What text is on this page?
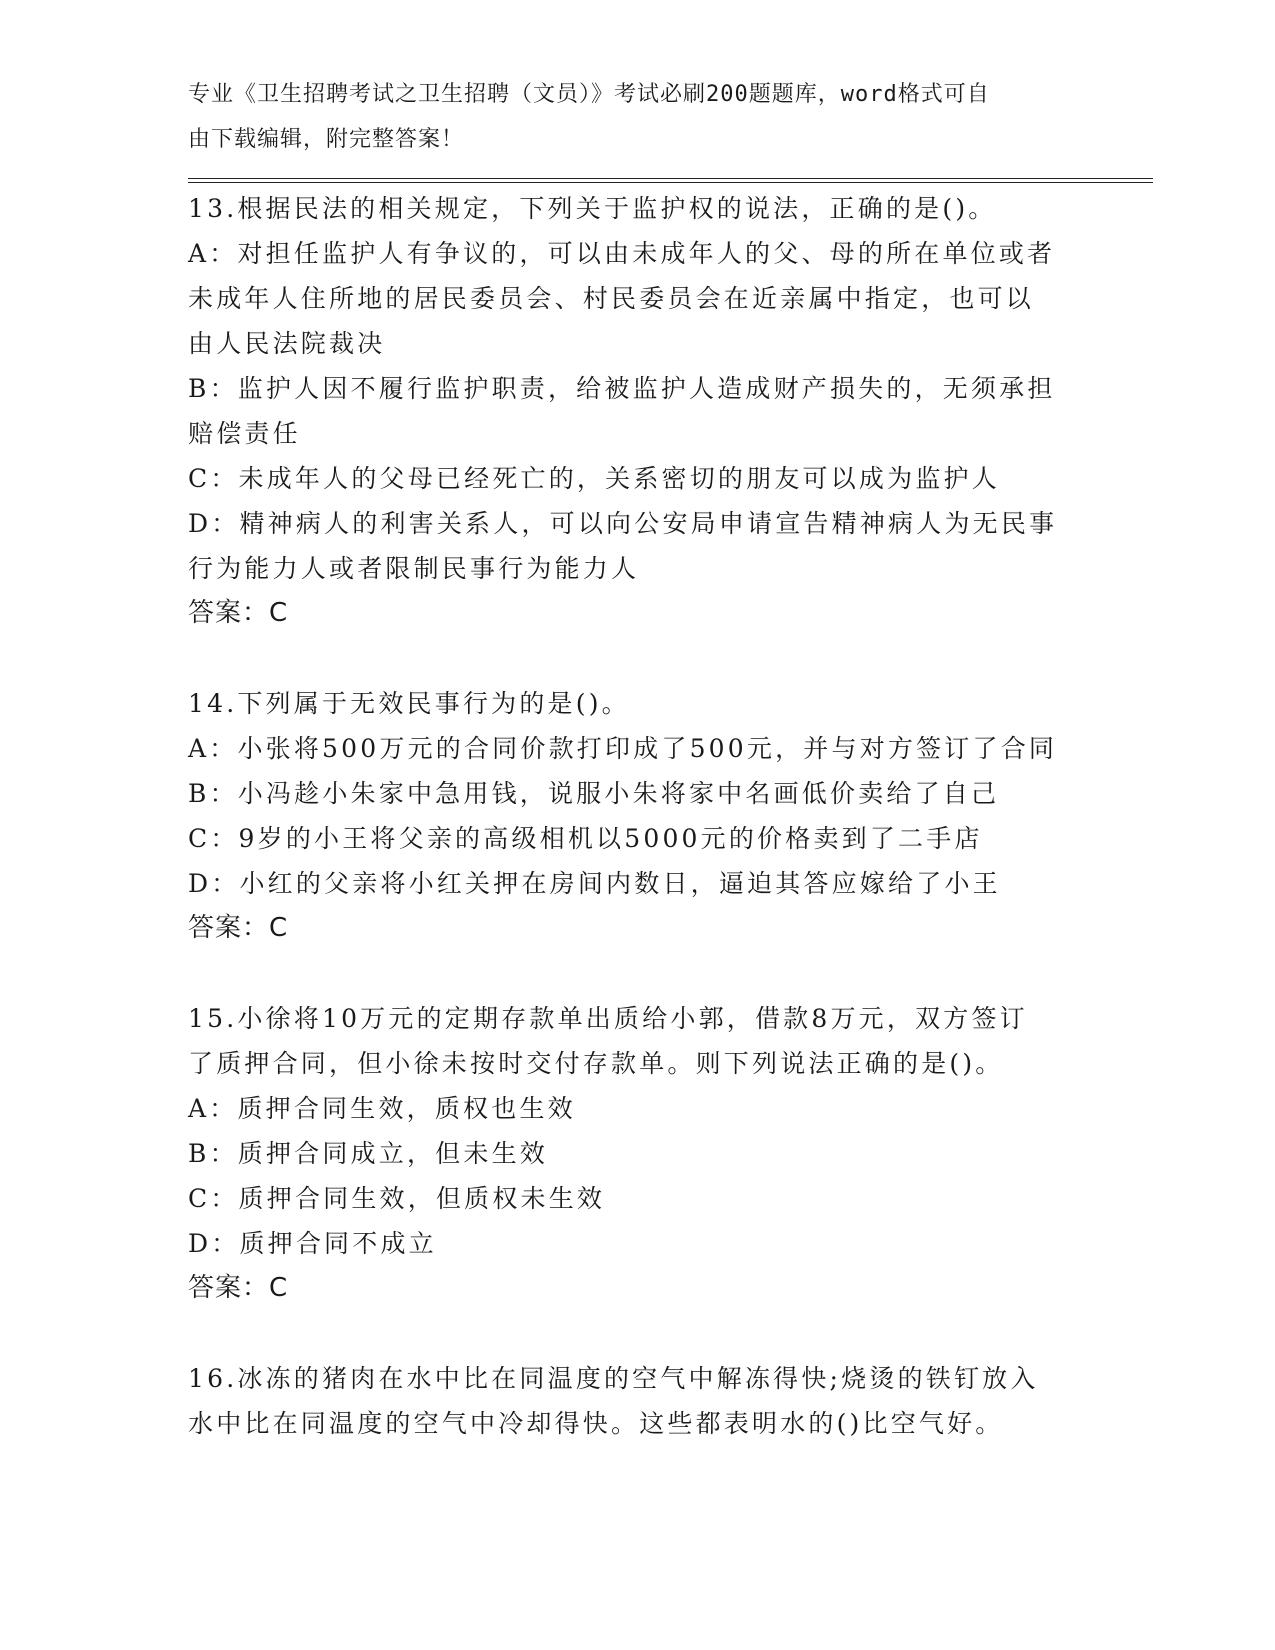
专业《卫生招聘考试之卫生招聘（文员）》考试必刷200题题库，word格式可自
由下载编辑，附完整答案！
13.根据民法的相关规定，下列关于监护权的说法，正确的是()。
A：对担任监护人有争议的，可以由未成年人的父、母的所在单位或者
未成年人住所地的居民委员会、村民委员会在近亲属中指定，也可以
由人民法院裁决
B：监护人因不履行监护职责，给被监护人造成财产损失的，无须承担
赔偿责任
C：未成年人的父母已经死亡的，关系密切的朋友可以成为监护人
D：精神病人的利害关系人，可以向公安局申请宣告精神病人为无民事
行为能力人或者限制民事行为能力人
答案：C
14.下列属于无效民事行为的是()。
A：小张将500万元的合同价款打印成了500元，并与对方签订了合同
B：小冯趁小朱家中急用钱，说服小朱将家中名画低价卖给了自己
C：9岁的小王将父亲的高级相机以5000元的价格卖到了二手店
D：小红的父亲将小红关押在房间内数日，逼迫其答应嫁给了小王
答案：C
15.小徐将10万元的定期存款单出质给小郭，借款8万元，双方签订
了质押合同，但小徐未按时交付存款单。则下列说法正确的是()。
A：质押合同生效，质权也生效
B：质押合同成立，但未生效
C：质押合同生效，但质权未生效
D：质押合同不成立
答案：C
16.冰冻的猪肉在水中比在同温度的空气中解冻得快;烧烫的铁钉放入
水中比在同温度的空气中冷却得快。这些都表明水的()比空气好。
